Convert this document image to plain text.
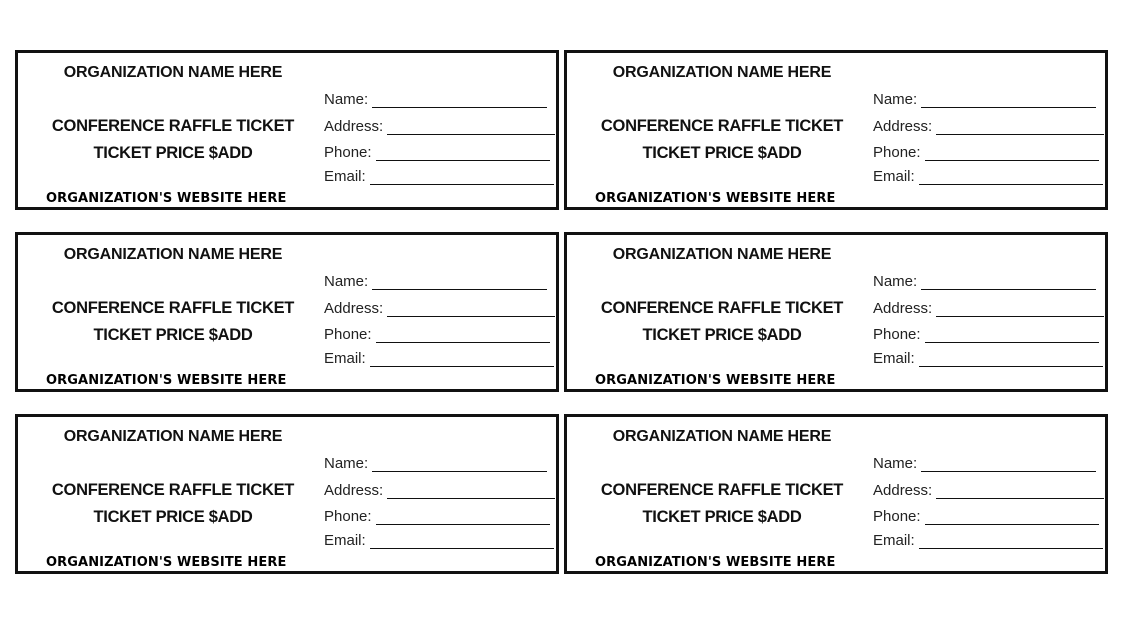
ORGANIZATION NAME HERE
CONFERENCE RAFFLE TICKET
TICKET PRICE $ADD
ORGANIZATION'S WEBSITE HERE
Name:
Address:
Phone:
Email:
ORGANIZATION NAME HERE
CONFERENCE RAFFLE TICKET
TICKET PRICE $ADD
ORGANIZATION'S WEBSITE HERE
Name:
Address:
Phone:
Email:
ORGANIZATION NAME HERE
CONFERENCE RAFFLE TICKET
TICKET PRICE $ADD
ORGANIZATION'S WEBSITE HERE
Name:
Address:
Phone:
Email:
ORGANIZATION NAME HERE
CONFERENCE RAFFLE TICKET
TICKET PRICE $ADD
ORGANIZATION'S WEBSITE HERE
Name:
Address:
Phone:
Email:
ORGANIZATION NAME HERE
CONFERENCE RAFFLE TICKET
TICKET PRICE $ADD
ORGANIZATION'S WEBSITE HERE
Name:
Address:
Phone:
Email:
ORGANIZATION NAME HERE
CONFERENCE RAFFLE TICKET
TICKET PRICE $ADD
ORGANIZATION'S WEBSITE HERE
Name:
Address:
Phone:
Email:
